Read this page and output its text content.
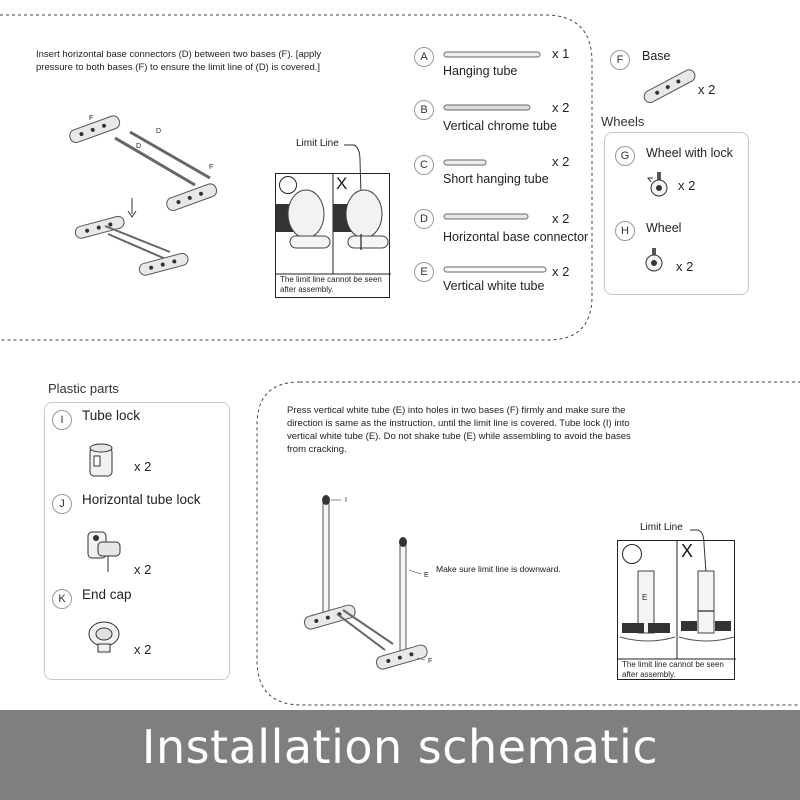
Insert horizontal base connectors (D) between two bases (F). [apply
pressure to both bases (F) to ensure the limit line of (D) is covered.]
F
D
D
F
Limit Line
X
The limit line cannot be seen after assembly.
A	x 1
Hanging tube
B	x 2
Vertical chrome tube
C	x 2
Short hanging tube
D	x 2
Horizontal base connector
E	x 2
Vertical white tube
F	Base
x 2
Wheels
G	Wheel with lock
x 2
H	Wheel
x 2
Plastic parts
I	Tube lock
x 2
J	Horizontal tube lock
x 2
K	End cap
x 2
Press vertical white tube (E) into holes in two bases (F) firmly and make sure the
direction is same as the instruction, until the limit line is covered. Tube lock (I) into
vertical white tube (E). Do not shake tube (E) while assembling to avoid the bases
from cracking.
I
E
F
Make sure limit line is downward.
Limit Line
X
E
The limit line cannot be seen after assembly.
Installation schematic
